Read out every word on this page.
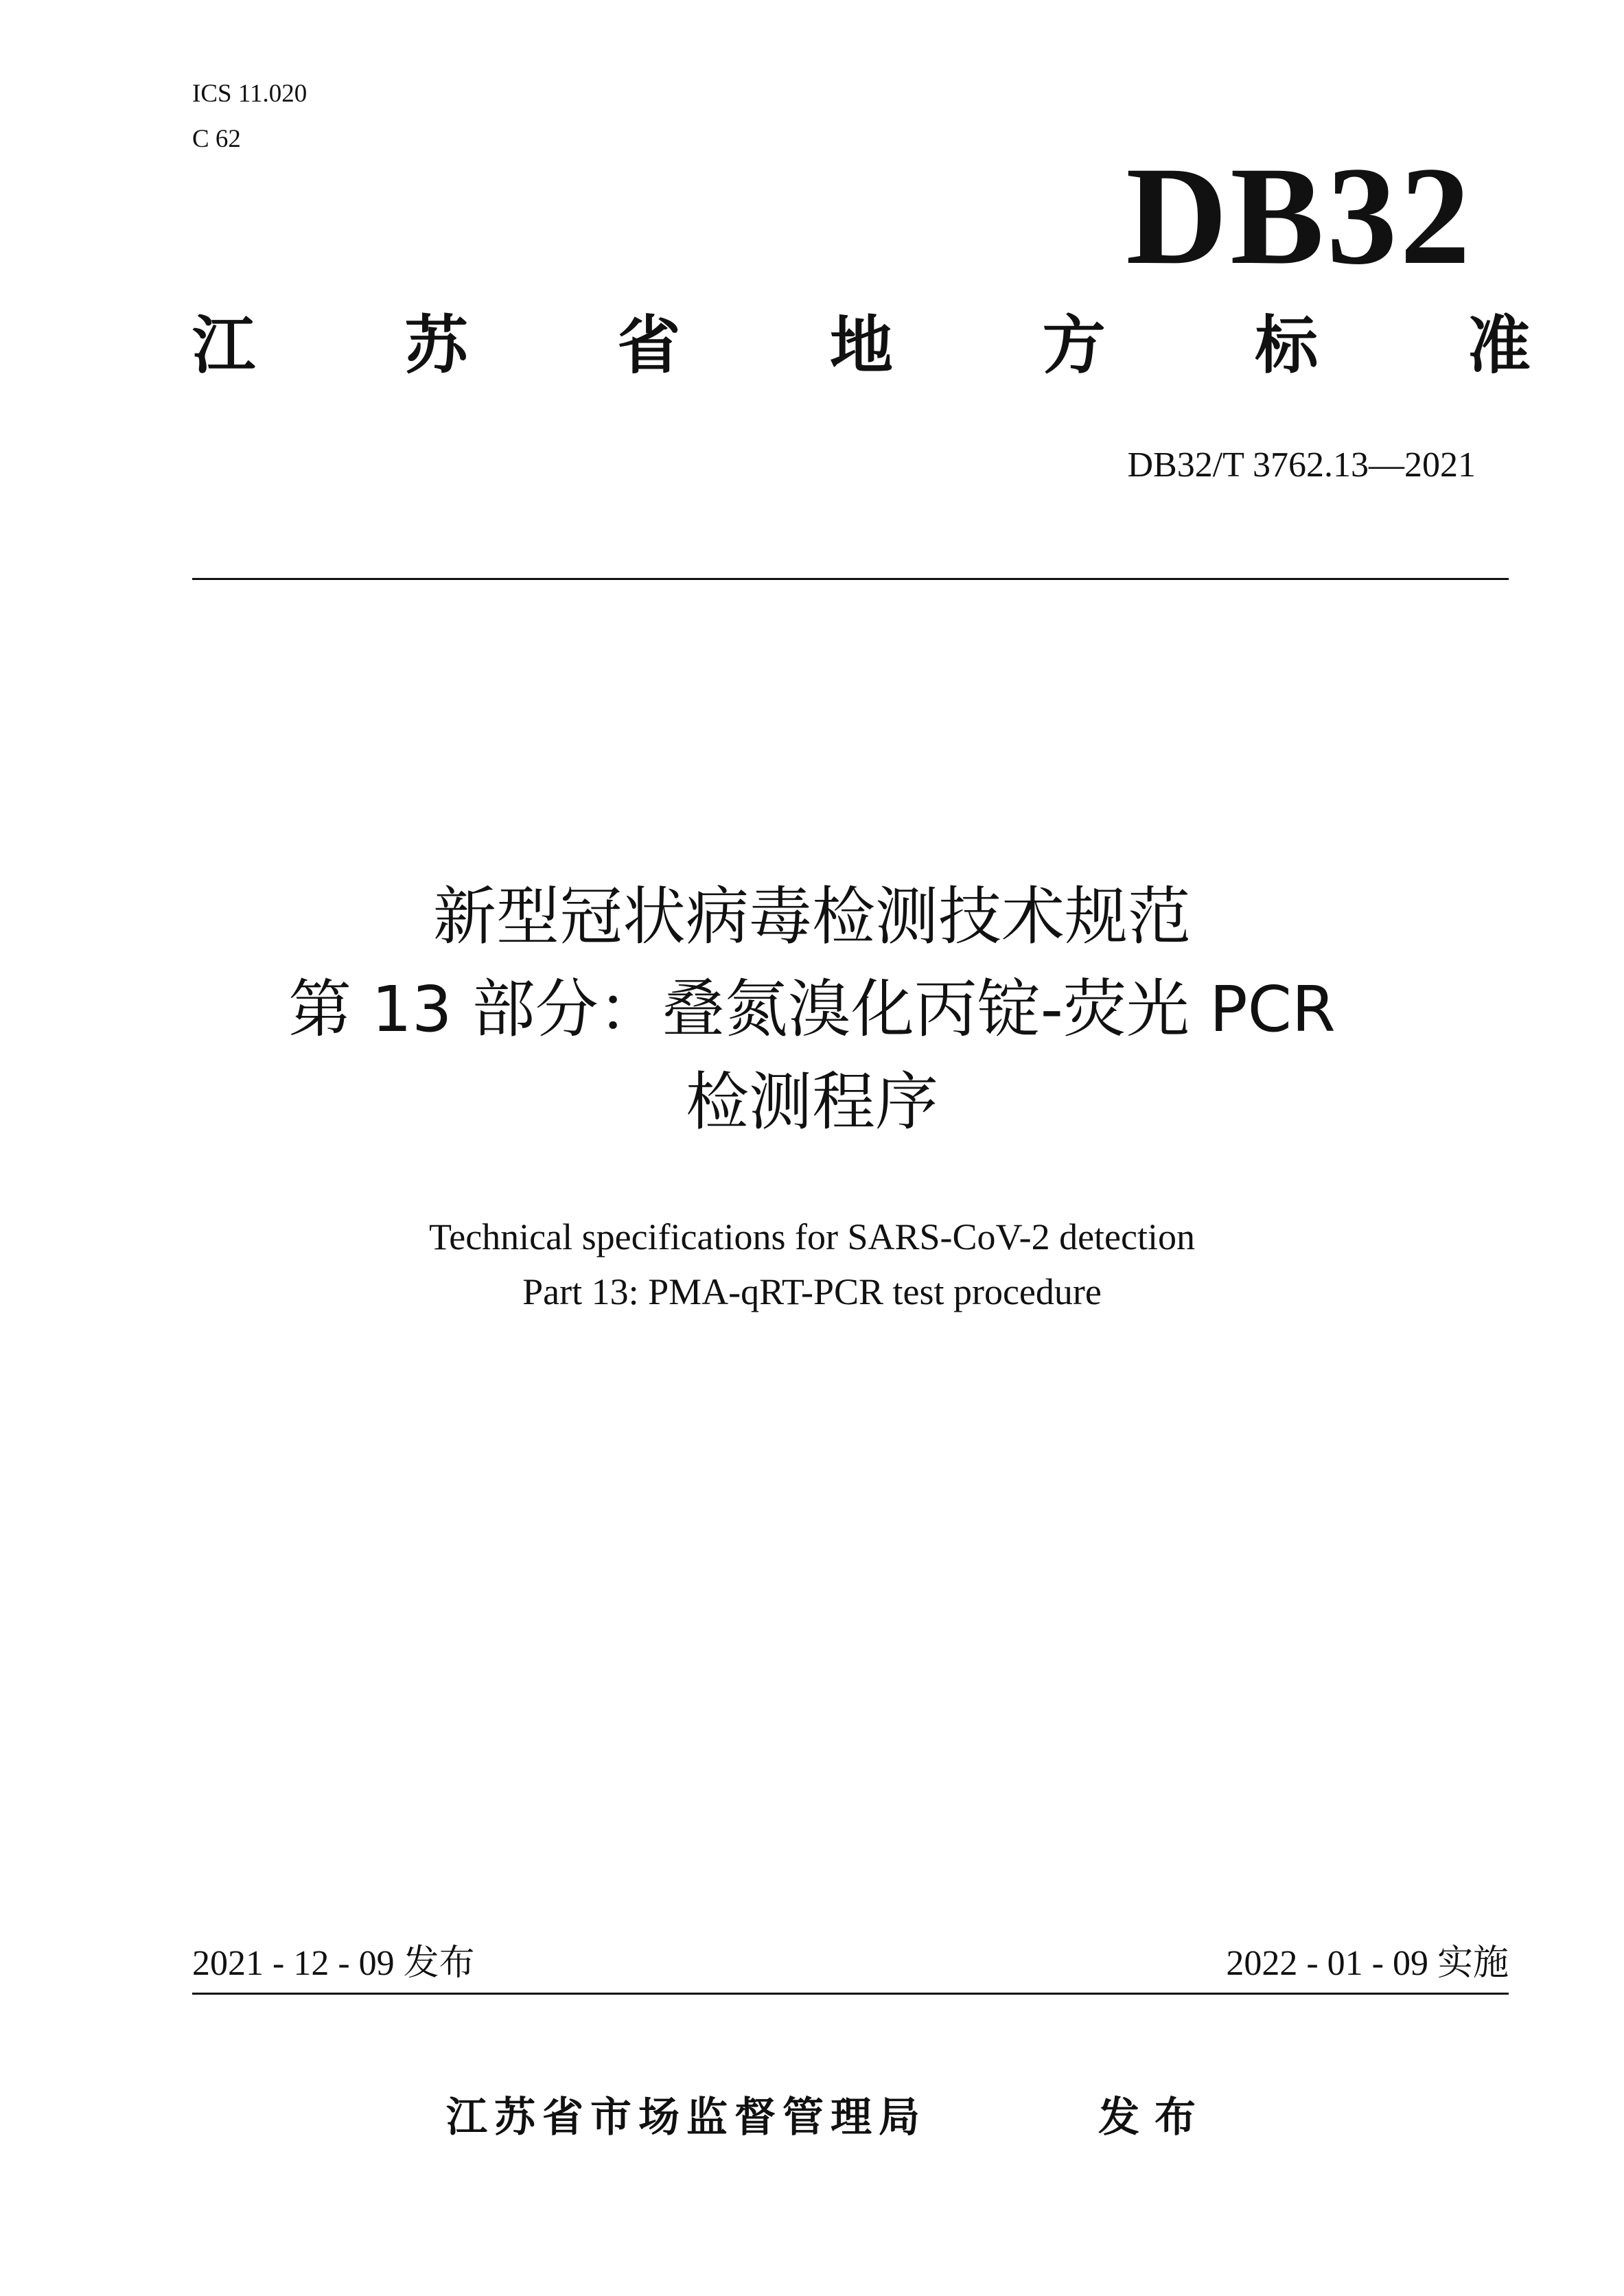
ICS 11.020
C 62	DB32
江 苏 省 地 方 标 准
DB32/T 3762.13—2021
新型冠状病毒检测技术规范
第 13 部分：叠氮溴化丙锭-荧光 PCR
检测程序
Technical specifications for SARS-CoV-2 detection
Part 13: PMA-qRT-PCR test procedure
2021 - 12 - 09 发布	2022 - 01 - 09 实施
江苏省市场监督管理局	发布
